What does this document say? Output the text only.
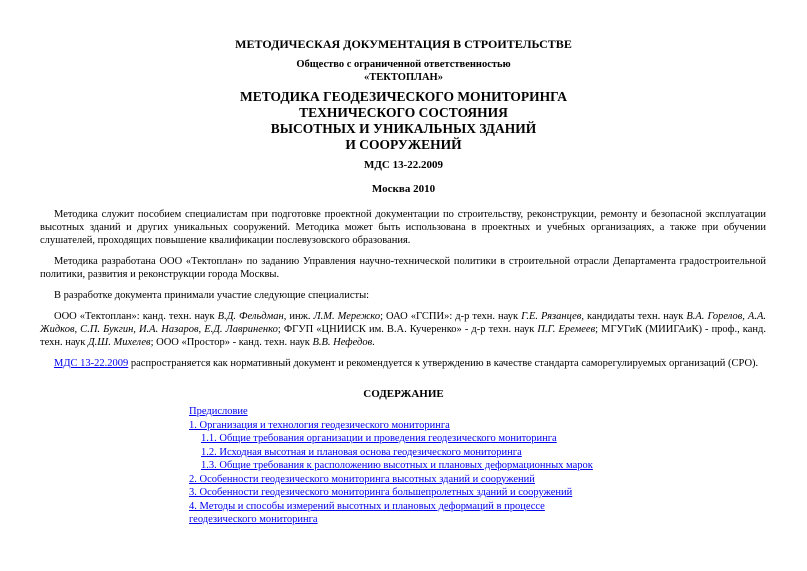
МЕТОДИЧЕСКАЯ ДОКУМЕНТАЦИЯ В СТРОИТЕЛЬСТВЕ
Общество с ограниченной ответственностью
«ТЕКТОПЛАН»
МЕТОДИКА ГЕОДЕЗИЧЕСКОГО МОНИТОРИНГА
ТЕХНИЧЕСКОГО СОСТОЯНИЯ
ВЫСОТНЫХ И УНИКАЛЬНЫХ ЗДАНИЙ
И СООРУЖЕНИЙ
МДС 13-22.2009
Москва 2010

Методика служит пособием специалистам при подготовке проектной документации по строительству, реконструкции, ремонту и безопасной эксплуатации высотных зданий и других уникальных сооружений. Методика может быть использована в проектных и учебных организациях, а также при обучении слушателей, проходящих повышение квалификации послевузовского образования.

Методика разработана ООО «Тектоплан» по заданию Управления научно-технической политики в строительной отрасли Департамента градостроительной политики, развития и реконструкции города Москвы.

В разработке документа принимали участие следующие специалисты:

ООО «Тектоплан»: канд. техн. наук В.Д. Фельдман, инж. Л.М. Мережко; ОАО «ГСПИ»: д-р техн. наук Г.Е. Рязанцев, кандидаты техн. наук В.А. Горелов, А.А. Жидков, С.П. Букгин, И.А. Назаров, Е.Д. Лавриненко; ФГУП «ЦНИИСК им. В.А. Кучеренко» - д-р техн. наук П.Г. Еремеев; МГУГиК (МИИГАиК) - проф., канд. техн. наук Д.Ш. Михелев; ООО «Простор» - канд. техн. наук В.В. Нефедов.

МДС 13-22.2009 распространяется как нормативный документ и рекомендуется к утверждению в качестве стандарта саморегулируемых организаций (СРО).

СОДЕРЖАНИЕ
Предисловие
1. Организация и технология геодезического мониторинга
1.1. Общие требования организации и проведения геодезического мониторинга
1.2. Исходная высотная и плановая основа геодезического мониторинга
1.3. Общие требования к расположению высотных и плановых деформационных марок
2. Особенности геодезического мониторинга высотных зданий и сооружений
3. Особенности геодезического мониторинга большепролетных зданий и сооружений
4. Методы и способы измерений высотных и плановых деформаций в процессе
геодезического мониторинга
